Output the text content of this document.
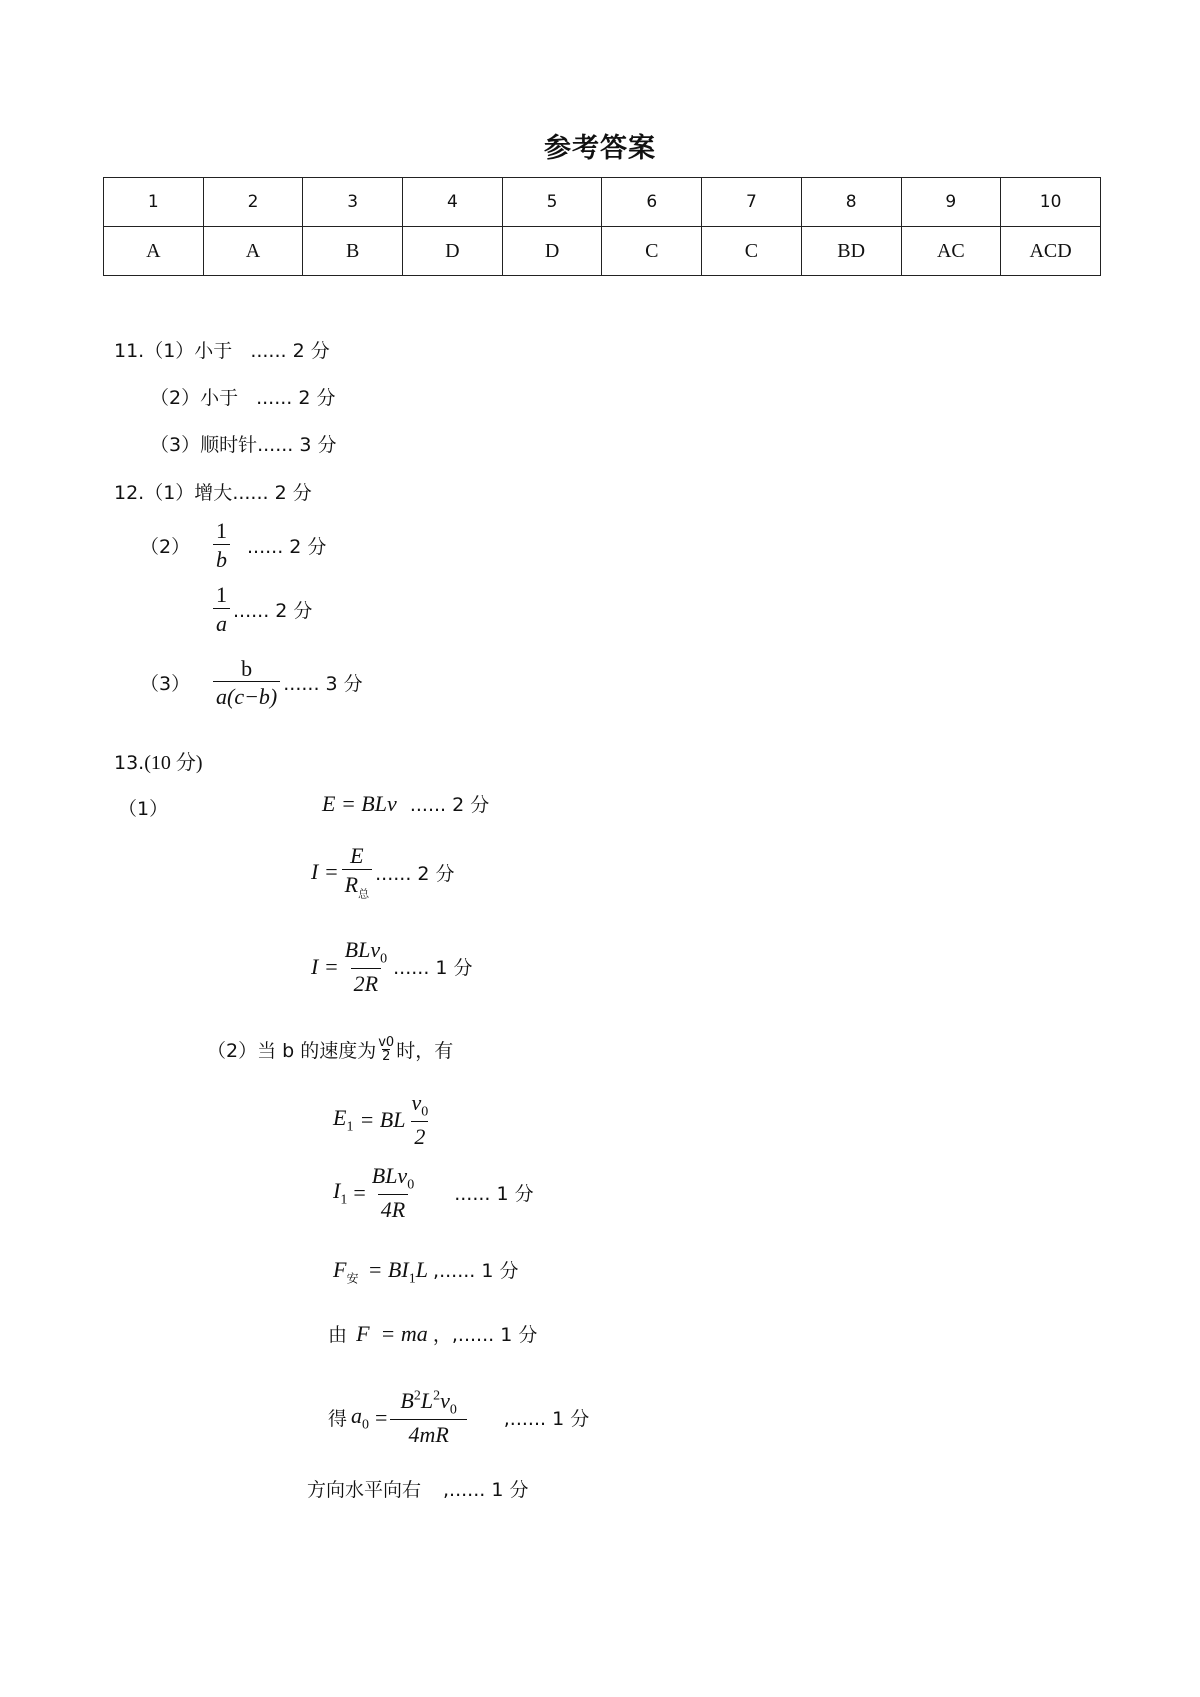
参考答案
1	2	3	4	5	6	7	8	9	10
A	A	B	D	D	C	C	BD	AC	ACD
11.（1）小于 ...... 2 分
（2）小于 ...... 2 分
（3）顺时针...... 3 分
12.（1）增大...... 2 分
（2）	$\frac{1}{b}$ ...... 2 分
$\frac{1}{a}$ ...... 2 分
（3）	$\frac{b}{a(c-b)}$ ...... 3 分
13.(10 分)
（1）	E = BLv ...... 2 分
$I = \frac{E}{R_总}$ ...... 2 分
$I = \frac{BLv_0}{2R}$ ...... 1 分
（2）当 b 的速度为 $\frac{v0}{2}$ 时，有
$E_1$ = BL $\frac{v_0}{2}$
$I_1 = \frac{BLv_0}{4R}$ ...... 1 分
$F_安 = BI_1L$ ,...... 1 分
由 F  = ma ，,...... 1 分
得 $a_0 = \frac{B^2L^2v_0}{4mR}$ ,...... 1 分
方向水平向右 ,...... 1 分
